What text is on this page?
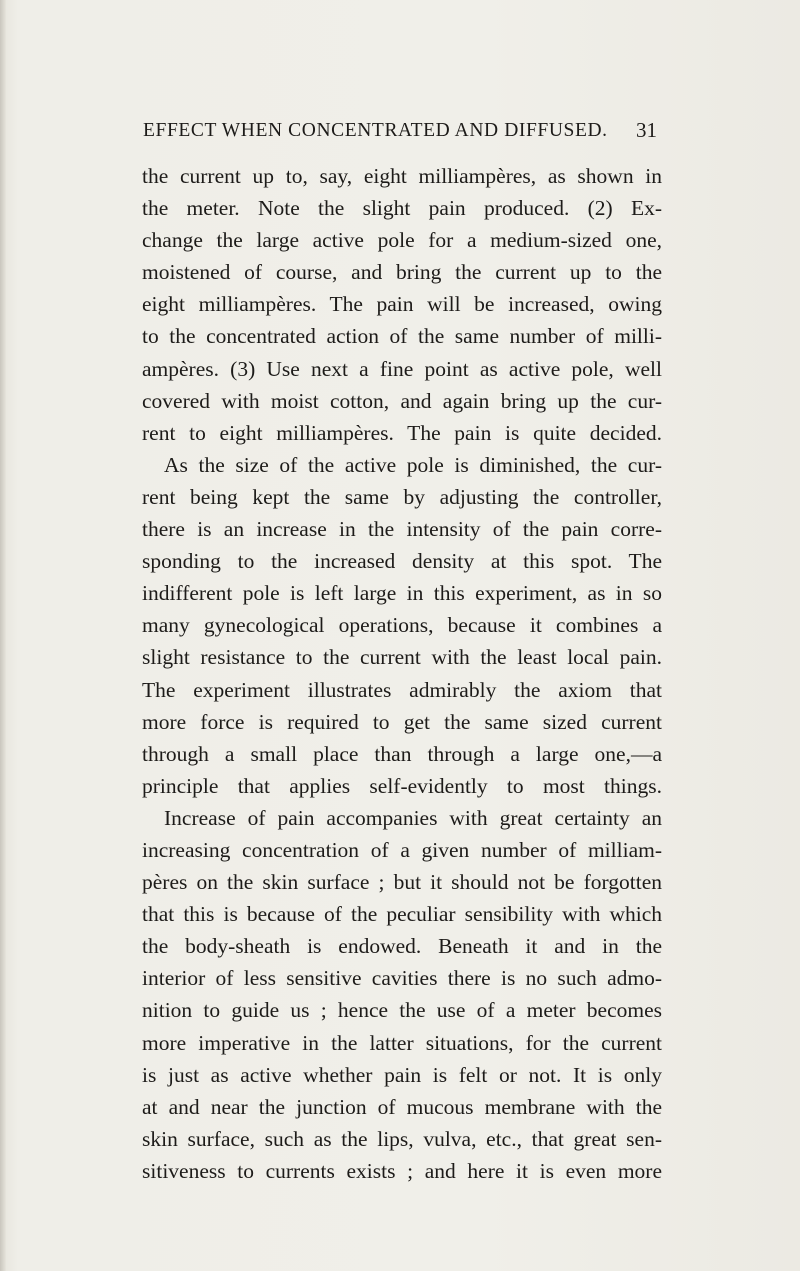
EFFECT WHEN CONCENTRATED AND DIFFUSED. 31
the current up to, say, eight milliampères, as shown in
the meter. Note the slight pain produced. (2) Ex-
change the large active pole for a medium-sized one,
moistened of course, and bring the current up to the
eight milliampères. The pain will be increased, owing
to the concentrated action of the same number of milli-
ampères. (3) Use next a fine point as active pole, well
covered with moist cotton, and again bring up the cur-
rent to eight milliampères. The pain is quite decided.
As the size of the active pole is diminished, the cur-
rent being kept the same by adjusting the controller,
there is an increase in the intensity of the pain corre-
sponding to the increased density at this spot. The
indifferent pole is left large in this experiment, as in so
many gynecological operations, because it combines a
slight resistance to the current with the least local pain.
The experiment illustrates admirably the axiom that
more force is required to get the same sized current
through a small place than through a large one,—a
principle that applies self-evidently to most things.
Increase of pain accompanies with great certainty an
increasing concentration of a given number of milliam-
pères on the skin surface ; but it should not be forgotten
that this is because of the peculiar sensibility with which
the body-sheath is endowed. Beneath it and in the
interior of less sensitive cavities there is no such admo-
nition to guide us ; hence the use of a meter becomes
more imperative in the latter situations, for the current
is just as active whether pain is felt or not. It is only
at and near the junction of mucous membrane with the
skin surface, such as the lips, vulva, etc., that great sen-
sitiveness to currents exists ; and here it is even more
